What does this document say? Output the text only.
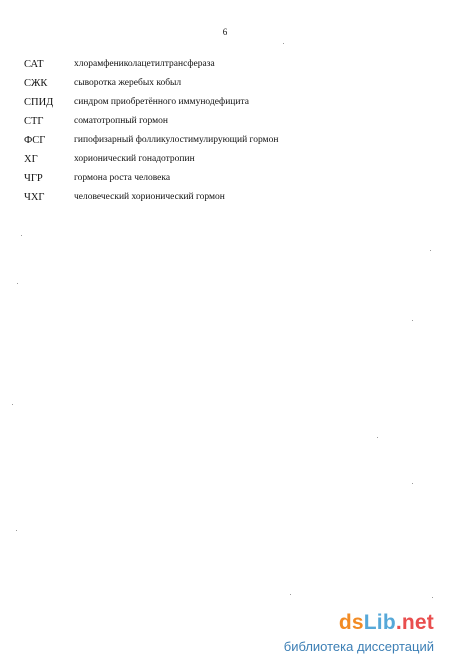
6
САТ	хлорамфениколацетилтрансфераза
СЖК	сыворотка жеребых кобыл
СПИД	синдром приобретённого иммунодефицита
СТГ	соматотропный гормон
ФСГ	гипофизарный фолликулостимулирующий гормон
ХГ	хорионический гонадотропин
ЧГР	гормона роста человека
ЧХГ	человеческий хорионический гормон
dsLib.net
библиотека диссертаций
